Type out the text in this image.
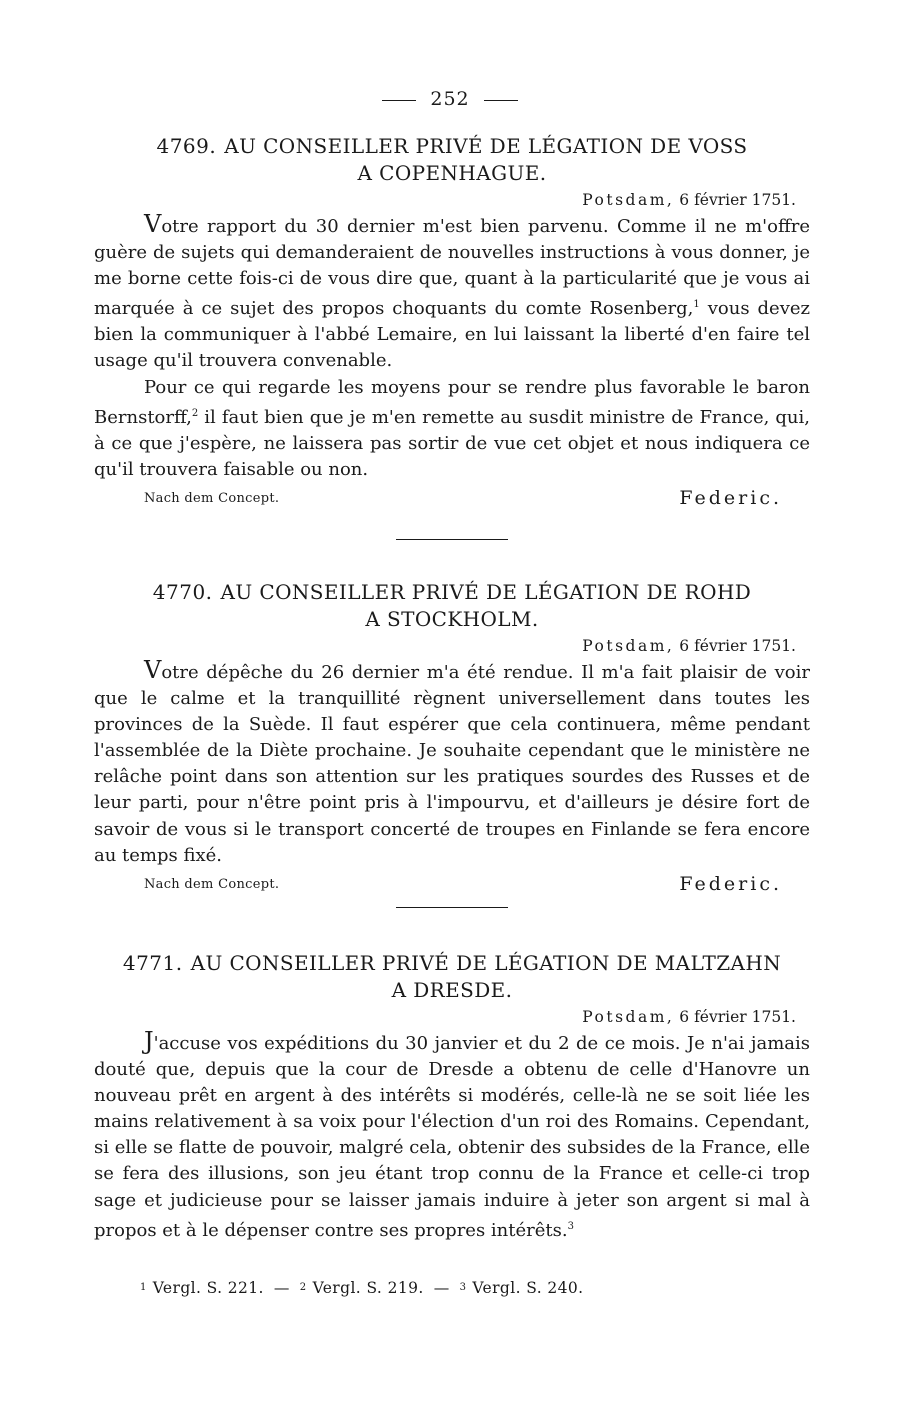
252
4769. AU CONSEILLER PRIVÉ DE LÉGATION DE VOSS
A COPENHAGUE.
Potsdam, 6 février 1751.

Votre rapport du 30 dernier m'est bien parvenu. Comme il ne m'offre guère de sujets qui demanderaient de nouvelles instructions à vous donner, je me borne cette fois-ci de vous dire que, quant à la particularité que je vous ai marquée à ce sujet des propos choquants du comte Rosenberg,$^1$ vous devez bien la communiquer à l'abbé Lemaire, en lui laissant la liberté d'en faire tel usage qu'il trouvera convenable.

Pour ce qui regarde les moyens pour se rendre plus favorable le baron Bernstorff,$^2$ il faut bien que je m'en remette au susdit ministre de France, qui, à ce que j'espère, ne laissera pas sortir de vue cet objet et nous indiquera ce qu'il trouvera faisable ou non.

Nach dem Concept.	Federic.
4770. AU CONSEILLER PRIVÉ DE LÉGATION DE ROHD
A STOCKHOLM.
Potsdam, 6 février 1751.

Votre dépêche du 26 dernier m'a été rendue. Il m'a fait plaisir de voir que le calme et la tranquillité règnent universellement dans toutes les provinces de la Suède. Il faut espérer que cela continuera, même pendant l'assemblée de la Diète prochaine. Je souhaite cependant que le ministère ne relâche point dans son attention sur les pratiques sourdes des Russes et de leur parti, pour n'être point pris à l'impourvu, et d'ailleurs je désire fort de savoir de vous si le transport concerté de troupes en Finlande se fera encore au temps fixé.

Nach dem Concept.	Federic.
4771. AU CONSEILLER PRIVÉ DE LÉGATION DE MALTZAHN
A DRESDE.
Potsdam, 6 février 1751.

J'accuse vos expéditions du 30 janvier et du 2 de ce mois. Je n'ai jamais douté que, depuis que la cour de Dresde a obtenu de celle d'Hanovre un nouveau prêt en argent à des intérêts si modérés, celle-là ne se soit liée les mains relativement à sa voix pour l'élection d'un roi des Romains. Cependant, si elle se flatte de pouvoir, malgré cela, obtenir des subsides de la France, elle se fera des illusions, son jeu étant trop connu de la France et celle-ci trop sage et judicieuse pour se laisser jamais induire à jeter son argent si mal à propos et à le dépenser contre ses propres intérêts.$^3$

$^1$ Vergl. S. 221. — $^2$ Vergl. S. 219. — $^3$ Vergl. S. 240.
